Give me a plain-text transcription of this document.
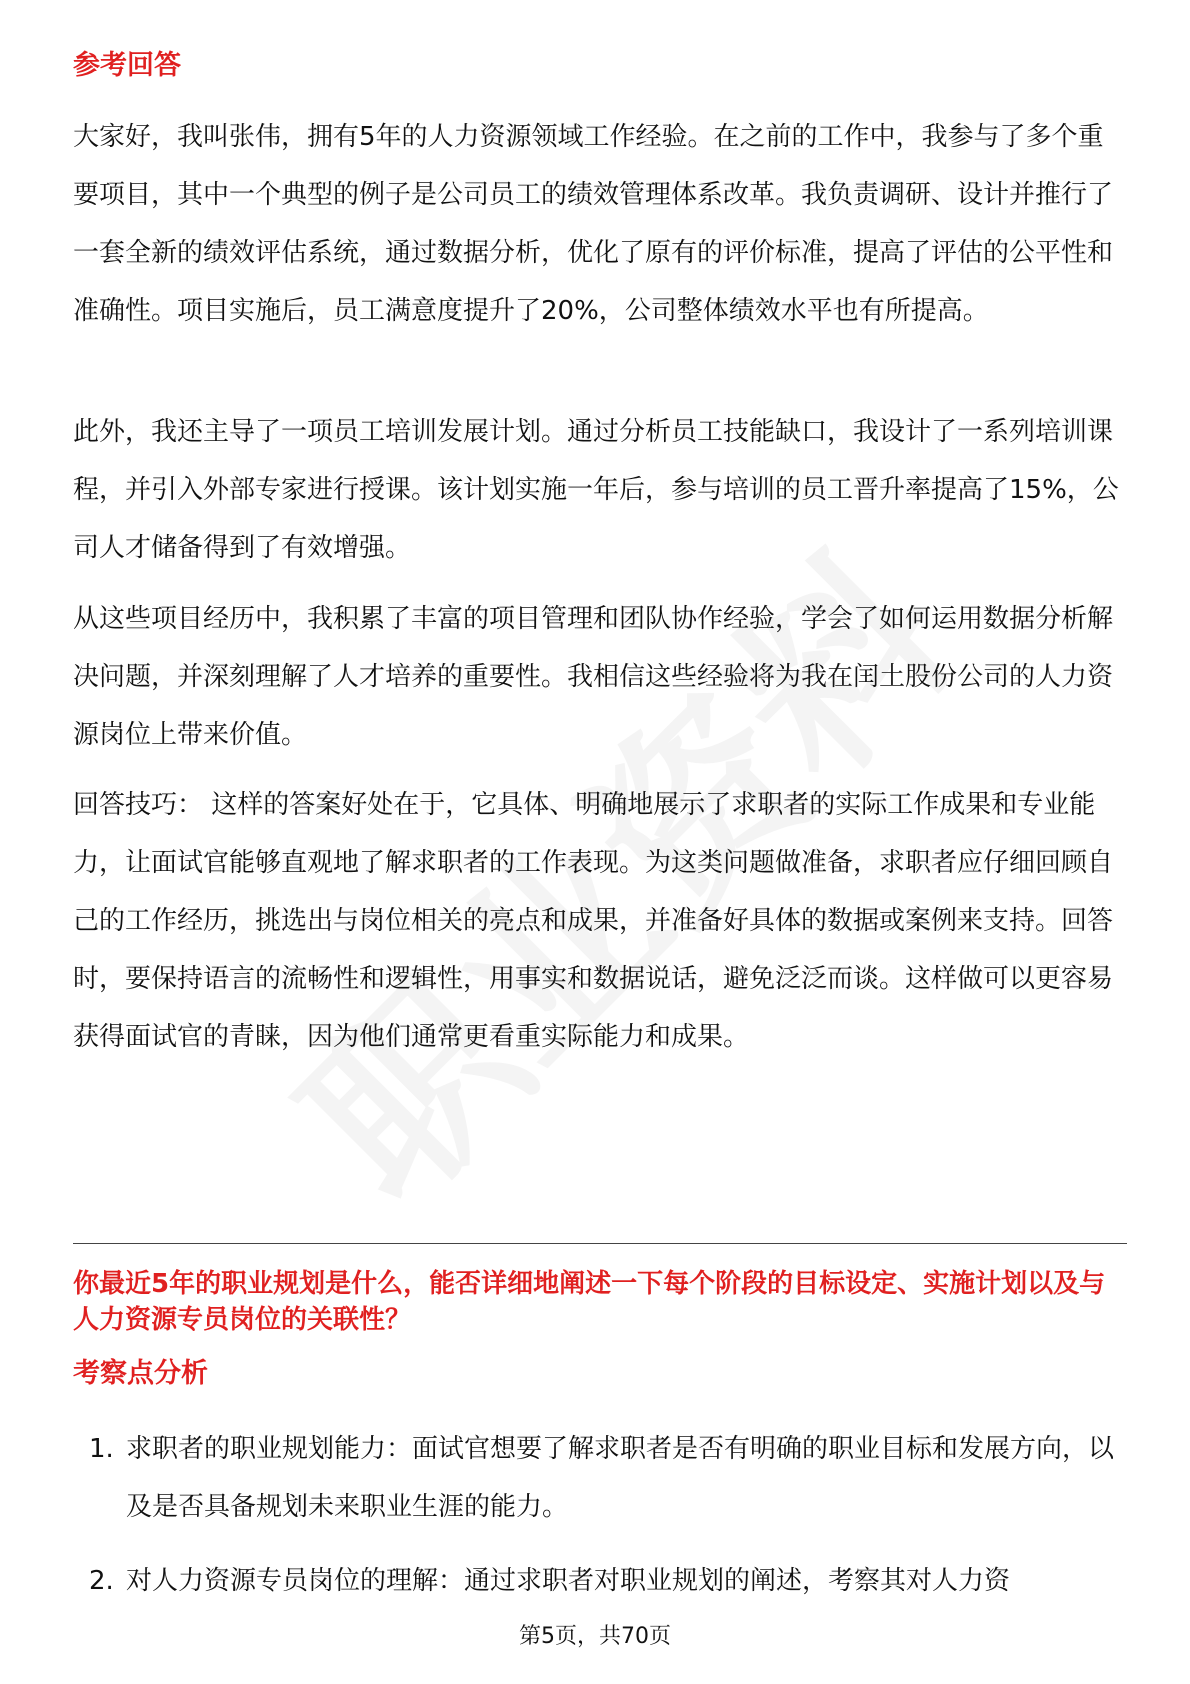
参考回答

大家好，我叫张伟，拥有5年的人力资源领域工作经验。在之前的工作中，我参与了多个重要项目，其中一个典型的例子是公司员工的绩效管理体系改革。我负责调研、设计并推行了一套全新的绩效评估系统，通过数据分析，优化了原有的评价标准，提高了评估的公平性和准确性。项目实施后，员工满意度提升了20%，公司整体绩效水平也有所提高。

此外，我还主导了一项员工培训发展计划。通过分析员工技能缺口，我设计了一系列培训课程，并引入外部专家进行授课。该计划实施一年后，参与培训的员工晋升率提高了15%，公司人才储备得到了有效增强。

从这些项目经历中，我积累了丰富的项目管理和团队协作经验，学会了如何运用数据分析解决问题，并深刻理解了人才培养的重要性。我相信这些经验将为我在闰土股份公司的人力资源岗位上带来价值。

回答技巧： 这样的答案好处在于，它具体、明确地展示了求职者的实际工作成果和专业能力，让面试官能够直观地了解求职者的工作表现。为这类问题做准备，求职者应仔细回顾自己的工作经历，挑选出与岗位相关的亮点和成果，并准备好具体的数据或案例来支持。回答时，要保持语言的流畅性和逻辑性，用事实和数据说话，避免泛泛而谈。这样做可以更容易获得面试官的青睐，因为他们通常更看重实际能力和成果。

你最近5年的职业规划是什么，能否详细地阐述一下每个阶段的目标设定、实施计划以及与人力资源专员岗位的关联性？

考察点分析
1. 求职者的职业规划能力：面试官想要了解求职者是否有明确的职业目标和发展方向，以及是否具备规划未来职业生涯的能力。
2. 对人力资源专员岗位的理解：通过求职者对职业规划的阐述，考察其对人力资
第5页，共70页
